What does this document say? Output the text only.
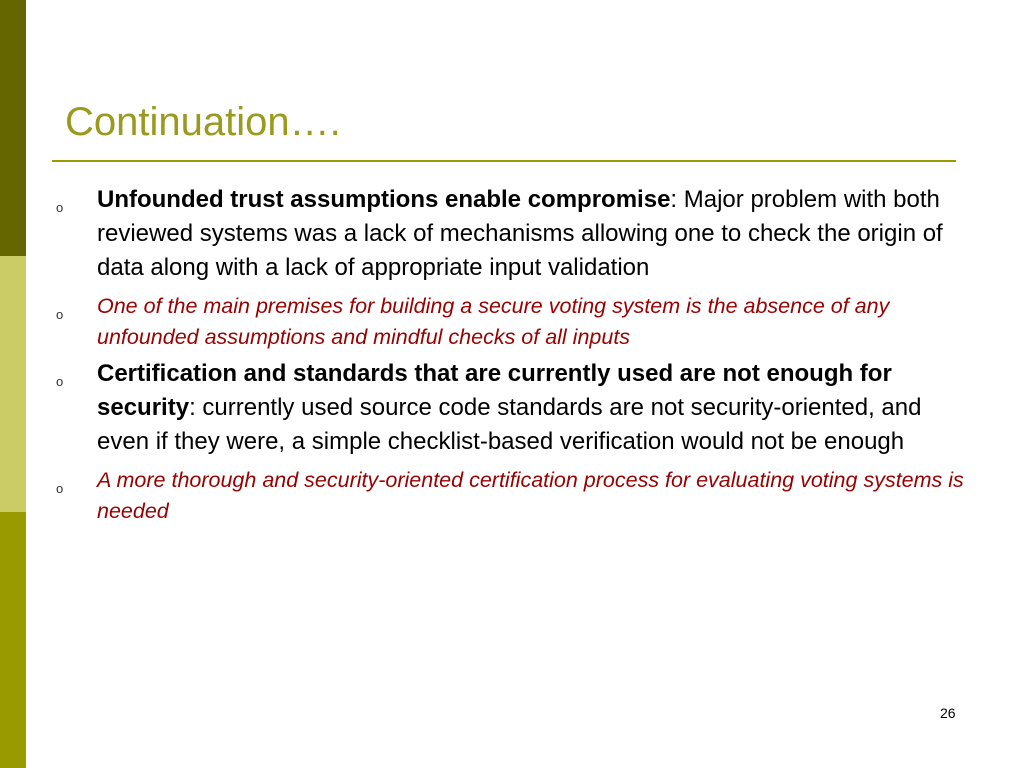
Continuation….
o Unfounded trust assumptions enable compromise: Major problem with both reviewed systems was a lack of mechanisms allowing one to check the origin of data along with a lack of appropriate input validation
o One of the main premises for building a secure voting system is the absence of any unfounded assumptions and mindful checks of all inputs
o Certification and standards that are currently used are not enough for security: currently used source code standards are not security-oriented, and even if they were, a simple checklist-based verification would not be enough
o A more thorough and security-oriented certification process for evaluating voting systems is needed
26
